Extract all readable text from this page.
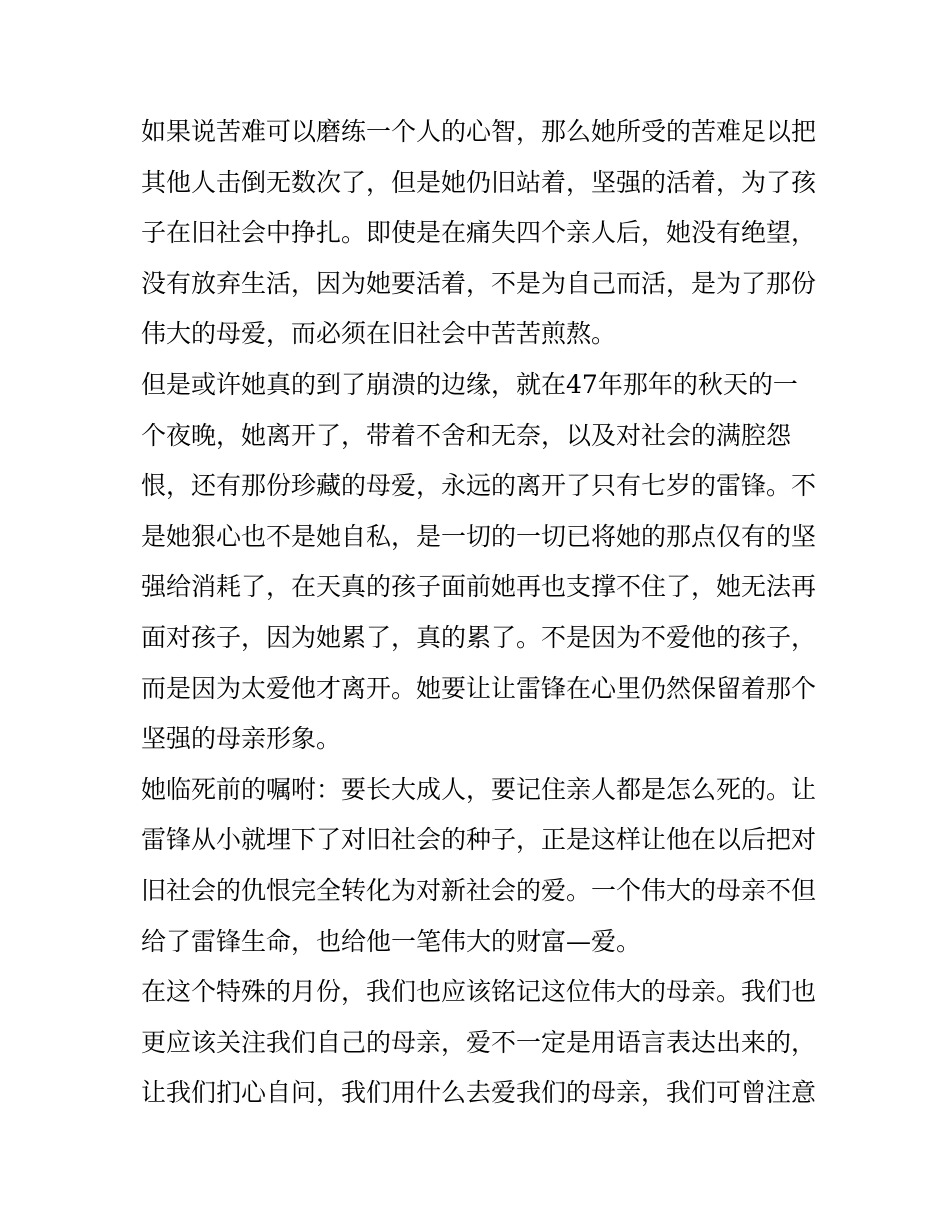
如果说苦难可以磨练一个人的心智，那么她所受的苦难足以把
其他人击倒无数次了，但是她仍旧站着，坚强的活着，为了孩
子在旧社会中挣扎。即使是在痛失四个亲人后，她没有绝望，
没有放弃生活，因为她要活着，不是为自己而活，是为了那份
伟大的母爱，而必须在旧社会中苦苦煎熬。
但是或许她真的到了崩溃的边缘，就在47年那年的秋天的一
个夜晚，她离开了，带着不舍和无奈，以及对社会的满腔怨
恨，还有那份珍藏的母爱，永远的离开了只有七岁的雷锋。不
是她狠心也不是她自私，是一切的一切已将她的那点仅有的坚
强给消耗了，在天真的孩子面前她再也支撑不住了，她无法再
面对孩子，因为她累了，真的累了。不是因为不爱他的孩子，
而是因为太爱他才离开。她要让让雷锋在心里仍然保留着那个
坚强的母亲形象。
她临死前的嘱咐：要长大成人，要记住亲人都是怎么死的。让
雷锋从小就埋下了对旧社会的种子，正是这样让他在以后把对
旧社会的仇恨完全转化为对新社会的爱。一个伟大的母亲不但
给了雷锋生命，也给他一笔伟大的财富—爱。
在这个特殊的月份，我们也应该铭记这位伟大的母亲。我们也
更应该关注我们自己的母亲，爱不一定是用语言表达出来的，
让我们扪心自问，我们用什么去爱我们的母亲，我们可曾注意
